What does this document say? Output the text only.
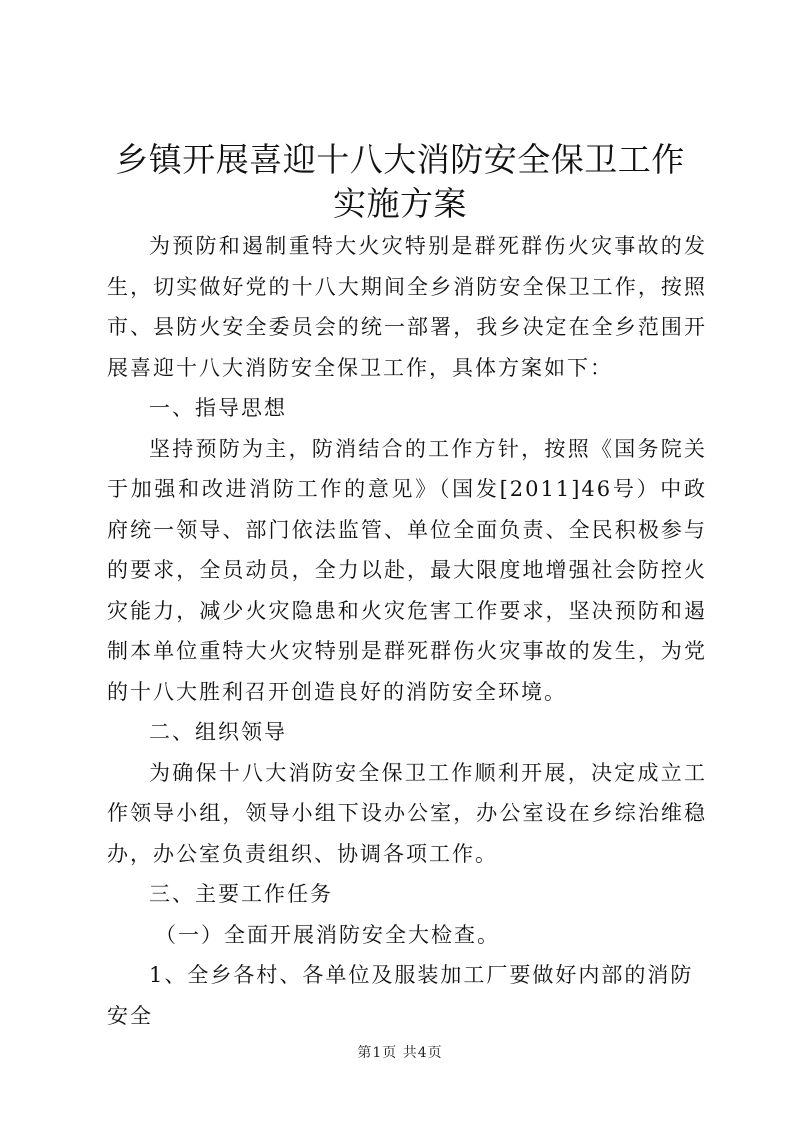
乡镇开展喜迎十八大消防安全保卫工作实施方案

为预防和遏制重特大火灾特别是群死群伤火灾事故的发生，切实做好党的十八大期间全乡消防安全保卫工作，按照市、县防火安全委员会的统一部署，我乡决定在全乡范围开展喜迎十八大消防安全保卫工作，具体方案如下：

一、指导思想

坚持预防为主，防消结合的工作方针，按照《国务院关于加强和改进消防工作的意见》（国发[2011]46号）中政府统一领导、部门依法监管、单位全面负责、全民积极参与的要求，全员动员，全力以赴，最大限度地增强社会防控火灾能力，减少火灾隐患和火灾危害工作要求，坚决预防和遏制本单位重特大火灾特别是群死群伤火灾事故的发生，为党的十八大胜利召开创造良好的消防安全环境。

二、组织领导

为确保十八大消防安全保卫工作顺利开展，决定成立工作领导小组，领导小组下设办公室，办公室设在乡综治维稳办，办公室负责组织、协调各项工作。

三、主要工作任务

（一）全面开展消防安全大检查。

1、全乡各村、各单位及服装加工厂要做好内部的消防安全

第1页 共4页
